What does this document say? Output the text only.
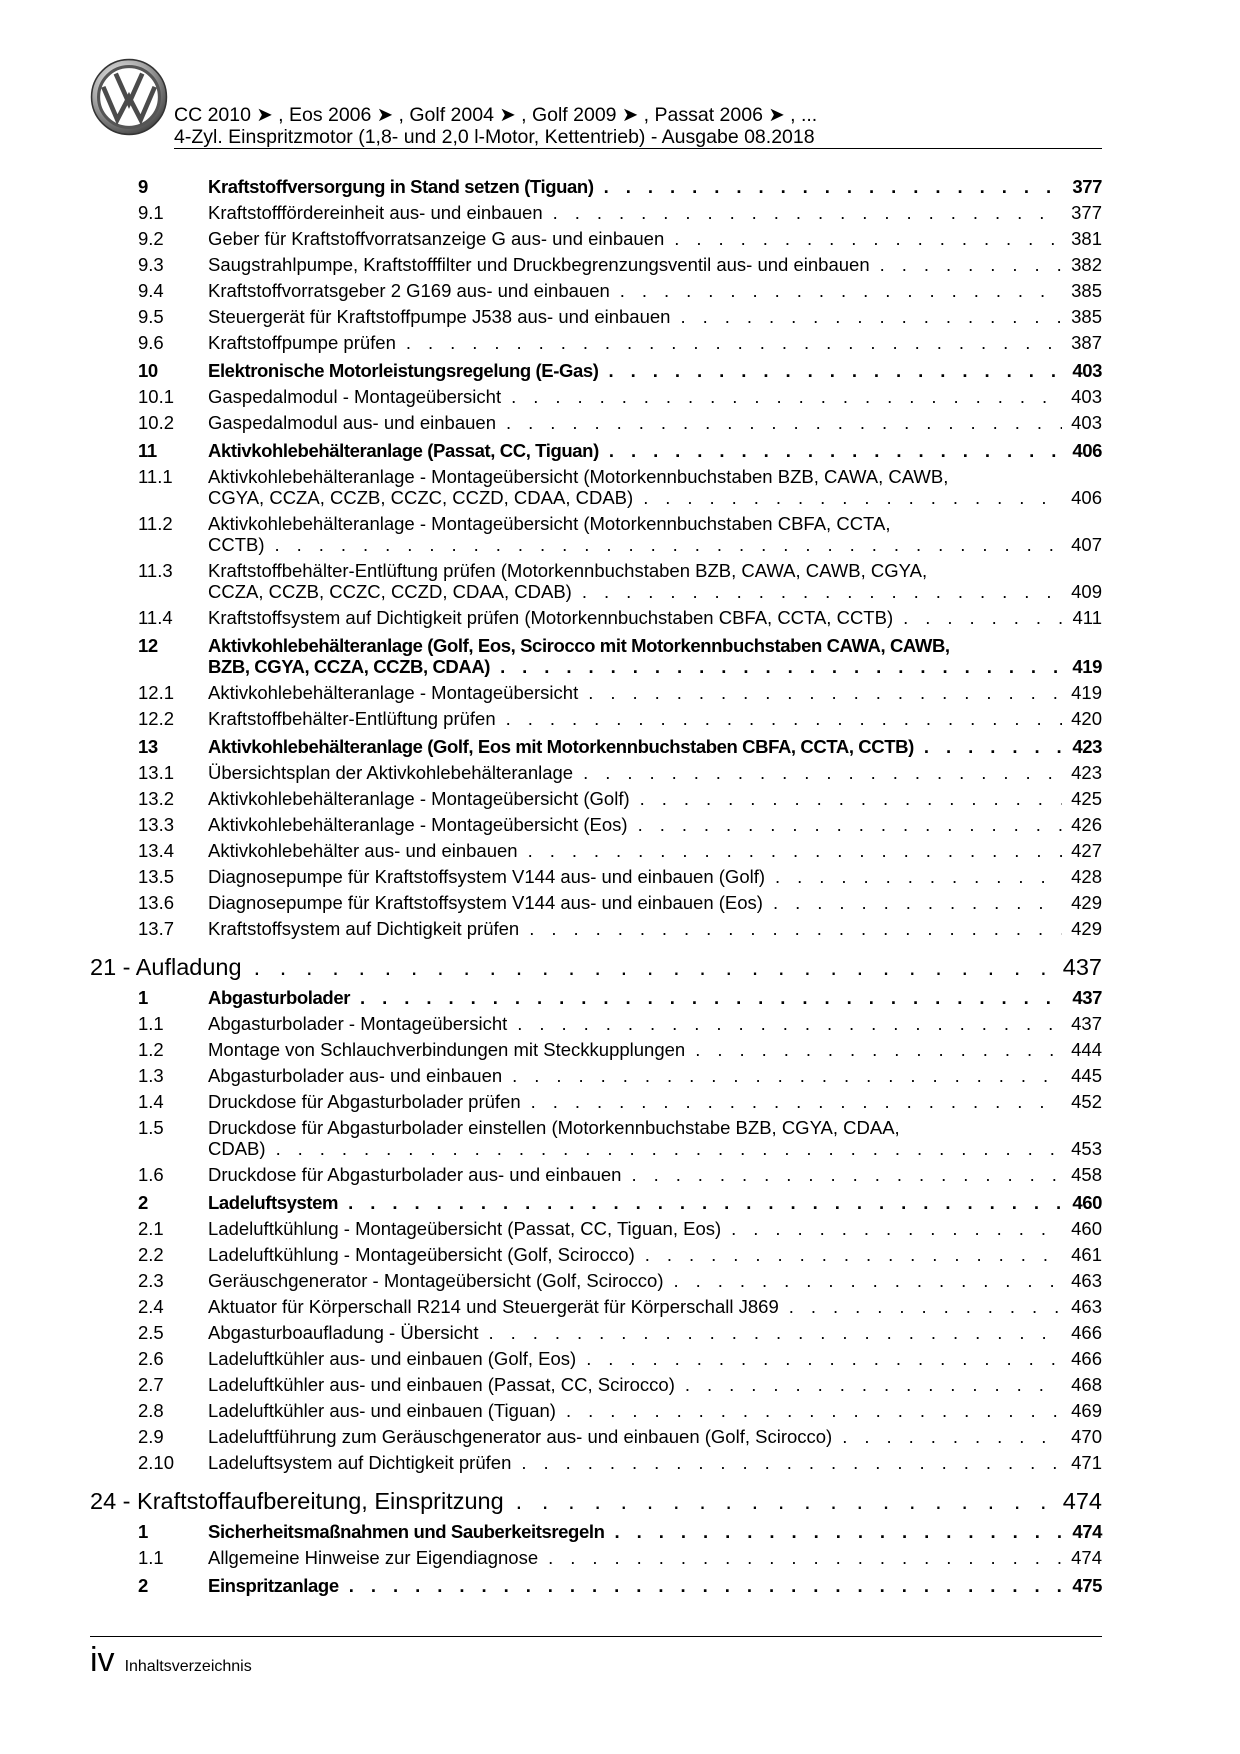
CC 2010 ➤ , Eos 2006 ➤ , Golf 2004 ➤ , Golf 2009 ➤ , Passat 2006 ➤ , ...
4-Zyl. Einspritzmotor (1,8- und 2,0 l-Motor, Kettentrieb) - Ausgabe 08.2018
9	Kraftstoffversorgung in Stand setzen (Tiguan) . . .	377
9.1 Kraftstofffördereinheit aus- und einbauen . . .	377
9.2 Geber für Kraftstoffvorratsanzeige G aus- und einbauen . . .	381
9.3 Saugstrahlpumpe, Kraftstofffilter und Druckbegrenzungsventil aus- und einbauen . . .	382
9.4 Kraftstoffvorratsgeber 2 G169 aus- und einbauen . . .	385
9.5 Steuergerät für Kraftstoffpumpe J538 aus- und einbauen . . .	385
9.6 Kraftstoffpumpe prüfen . . .	387
10	Elektronische Motorleistungsregelung (E-Gas) . . .	403
10.1 Gaspedalmodul - Montageübersicht . . .	403
10.2 Gaspedalmodul aus- und einbauen . . .	403
11	Aktivkohlebehälteranlage (Passat, CC, Tiguan) . . .	406
11.1 Aktivkohlebehälteranlage - Montageübersicht (Motorkennbuchstaben BZB, CAWA, CAWB,
CGYA, CCZA, CCZB, CCZC, CCZD, CDAA, CDAB) . . .	406
11.2 Aktivkohlebehälteranlage - Montageübersicht (Motorkennbuchstaben CBFA, CCTA,
CCTB) . . .	407
11.3 Kraftstoffbehälter-Entlüftung prüfen (Motorkennbuchstaben BZB, CAWA, CAWB, CGYA,
CCZA, CCZB, CCZC, CCZD, CDAA, CDAB) . . .	409
11.4 Kraftstoffsystem auf Dichtigkeit prüfen (Motorkennbuchstaben CBFA, CCTA, CCTB) . . .	411
12	Aktivkohlebehälteranlage (Golf, Eos, Scirocco mit Motorkennbuchstaben CAWA, CAWB,
BZB, CGYA, CCZA, CCZB, CDAA) . . .	419
12.1 Aktivkohlebehälteranlage - Montageübersicht . . .	419
12.2 Kraftstoffbehälter-Entlüftung prüfen . . .	420
13	Aktivkohlebehälteranlage (Golf, Eos mit Motorkennbuchstaben CBFA, CCTA, CCTB) . . .	423
13.1 Übersichtsplan der Aktivkohlebehälteranlage . . .	423
13.2 Aktivkohlebehälteranlage - Montageübersicht (Golf) . . .	425
13.3 Aktivkohlebehälteranlage - Montageübersicht (Eos) . . .	426
13.4 Aktivkohlebehälter aus- und einbauen . . .	427
13.5 Diagnosepumpe für Kraftstoffsystem V144 aus- und einbauen (Golf) . . .	428
13.6 Diagnosepumpe für Kraftstoffsystem V144 aus- und einbauen (Eos) . . .	429
13.7 Kraftstoffsystem auf Dichtigkeit prüfen . . .	429
21 - Aufladung . . .	437
1	Abgasturbolader . . .	437
1.1 Abgasturbolader - Montageübersicht . . .	437
1.2 Montage von Schlauchverbindungen mit Steckkupplungen . . .	444
1.3 Abgasturbolader aus- und einbauen . . .	445
1.4 Druckdose für Abgasturbolader prüfen . . .	452
1.5 Druckdose für Abgasturbolader einstellen (Motorkennbuchstabe BZB, CGYA, CDAA,
CDAB) . . .	453
1.6 Druckdose für Abgasturbolader aus- und einbauen . . .	458
2	Ladeluftsystem . . .	460
2.1 Ladeluftkühlung - Montageübersicht (Passat, CC, Tiguan, Eos) . . .	460
2.2 Ladeluftkühlung - Montageübersicht (Golf, Scirocco) . . .	461
2.3 Geräuschgenerator - Montageübersicht (Golf, Scirocco) . . .	463
2.4 Aktuator für Körperschall R214 und Steuergerät für Körperschall J869 . . .	463
2.5 Abgasturboaufladung - Übersicht . . .	466
2.6 Ladeluftkühler aus- und einbauen (Golf, Eos) . . .	466
2.7 Ladeluftkühler aus- und einbauen (Passat, CC, Scirocco) . . .	468
2.8 Ladeluftkühler aus- und einbauen (Tiguan) . . .	469
2.9 Ladeluftführung zum Geräuschgenerator aus- und einbauen (Golf, Scirocco) . . .	470
2.10 Ladeluftsystem auf Dichtigkeit prüfen . . .	471
24 - Kraftstoffaufbereitung, Einspritzung . . .	474
1	Sicherheitsmaßnahmen und Sauberkeitsregeln . . .	474
1.1 Allgemeine Hinweise zur Eigendiagnose . . .	474
2	Einspritzanlage . . .	475
iv Inhaltsverzeichnis
